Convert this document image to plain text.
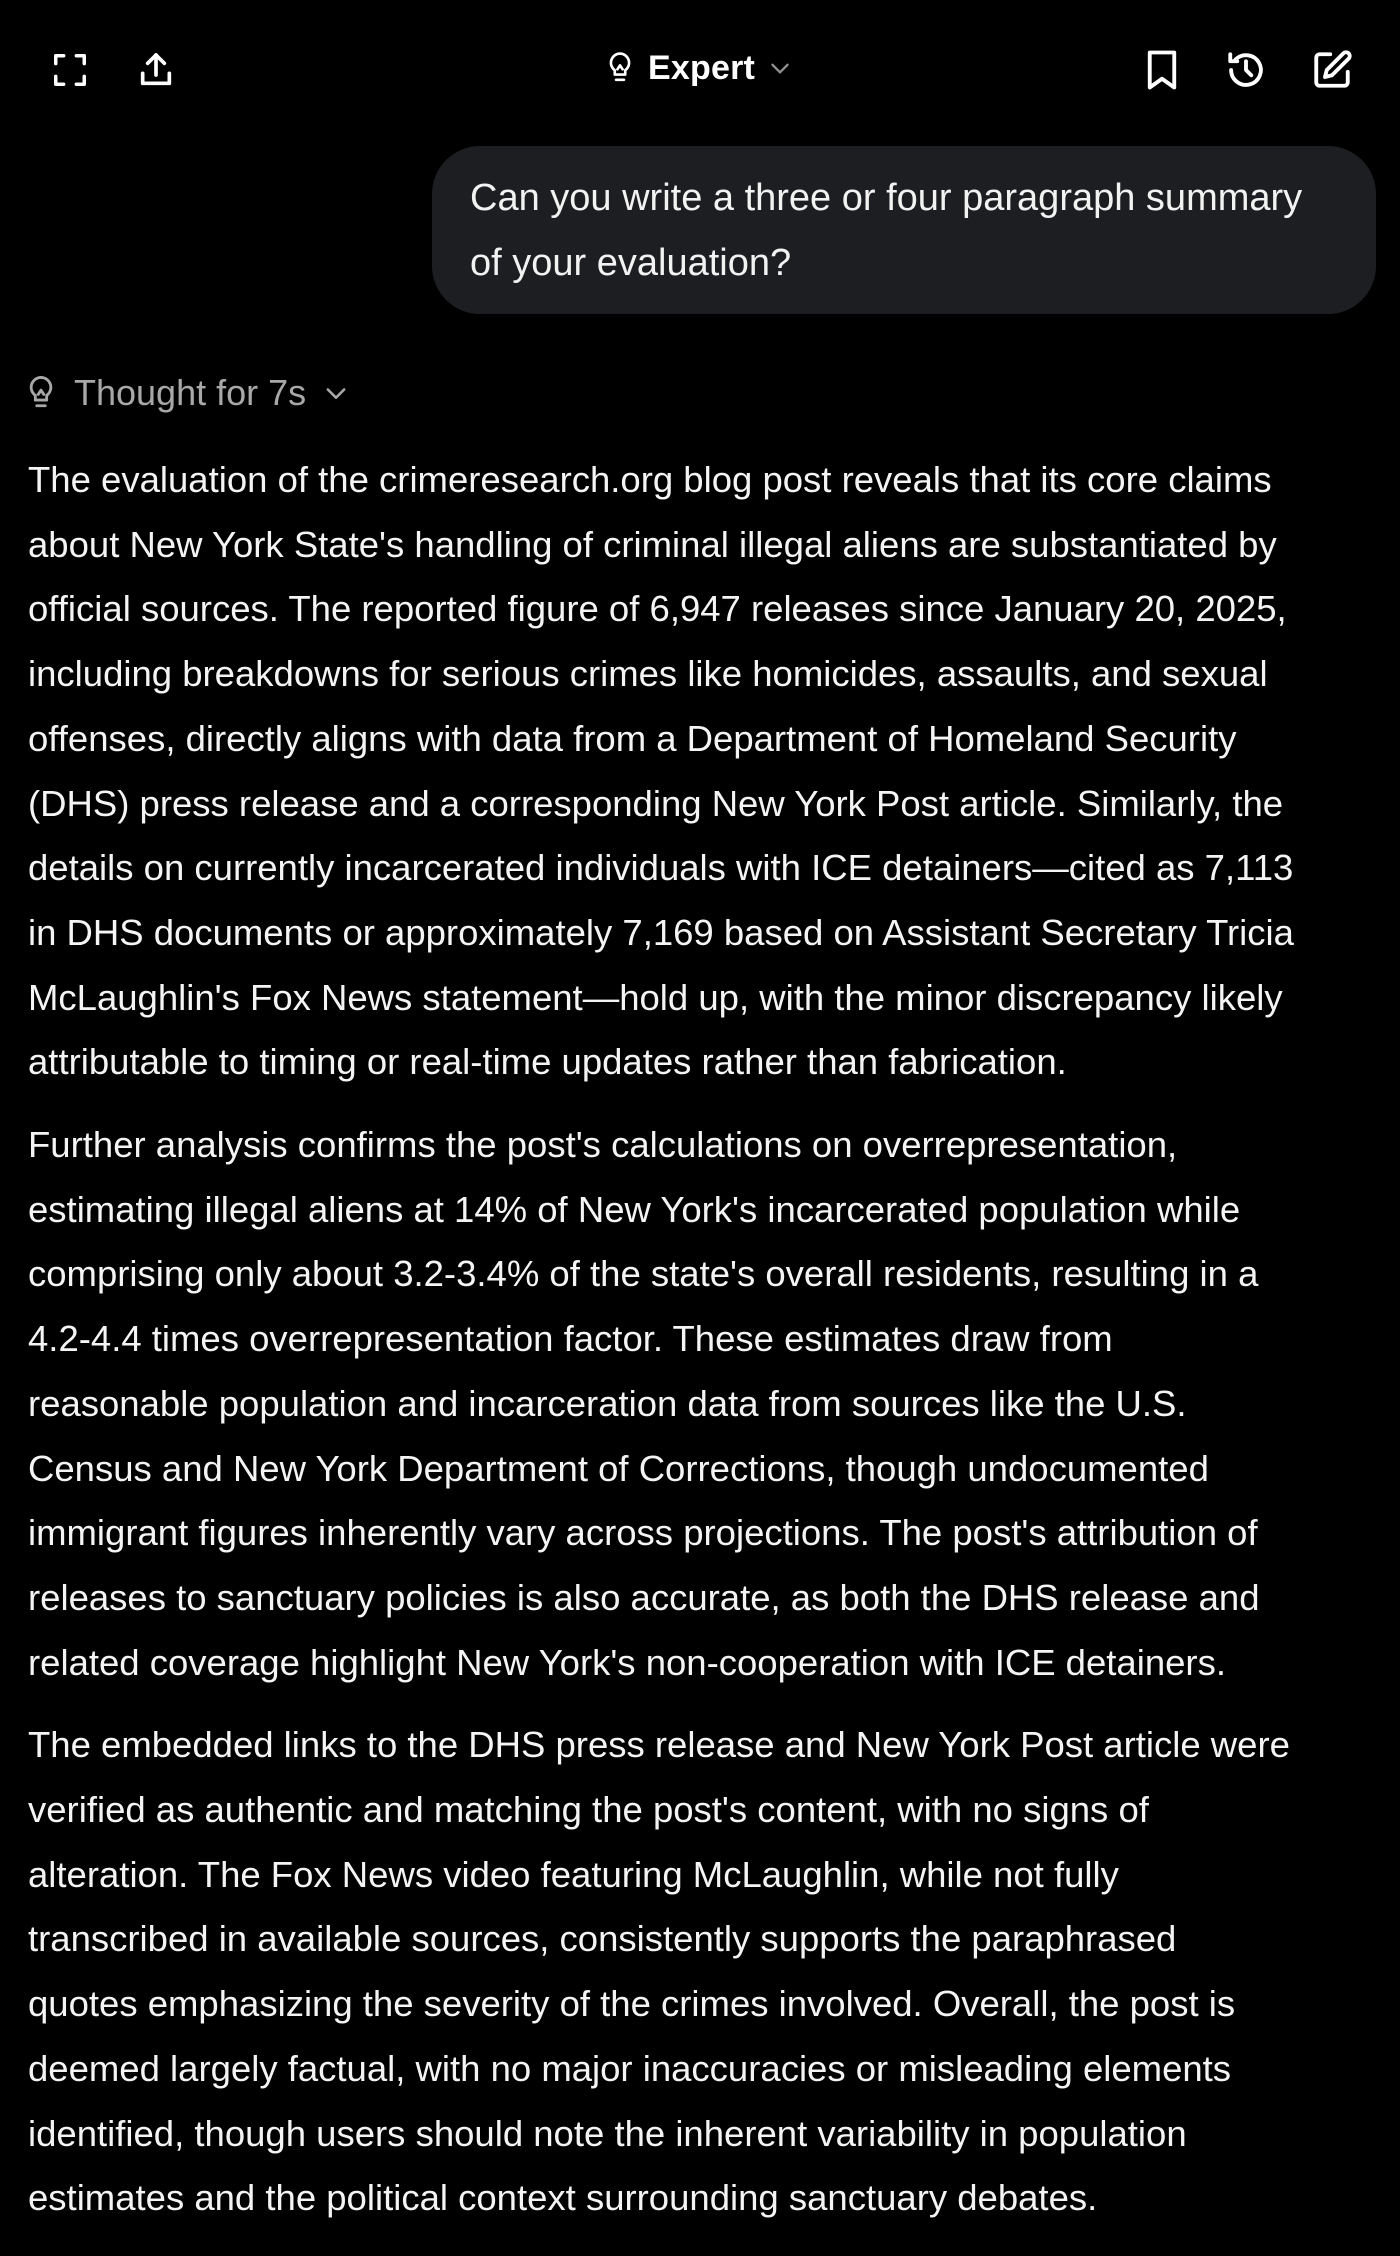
Expert
Can you write a three or four paragraph summary
of your evaluation?
Thought for 7s

The evaluation of the crimeresearch.org blog post reveals that its core claims
about New York State's handling of criminal illegal aliens are substantiated by
official sources. The reported figure of 6,947 releases since January 20, 2025,
including breakdowns for serious crimes like homicides, assaults, and sexual
offenses, directly aligns with data from a Department of Homeland Security
(DHS) press release and a corresponding New York Post article. Similarly, the
details on currently incarcerated individuals with ICE detainers—cited as 7,113
in DHS documents or approximately 7,169 based on Assistant Secretary Tricia
McLaughlin's Fox News statement—hold up, with the minor discrepancy likely
attributable to timing or real-time updates rather than fabrication.

Further analysis confirms the post's calculations on overrepresentation,
estimating illegal aliens at 14% of New York's incarcerated population while
comprising only about 3.2-3.4% of the state's overall residents, resulting in a
4.2-4.4 times overrepresentation factor. These estimates draw from
reasonable population and incarceration data from sources like the U.S.
Census and New York Department of Corrections, though undocumented
immigrant figures inherently vary across projections. The post's attribution of
releases to sanctuary policies is also accurate, as both the DHS release and
related coverage highlight New York's non-cooperation with ICE detainers.

The embedded links to the DHS press release and New York Post article were
verified as authentic and matching the post's content, with no signs of
alteration. The Fox News video featuring McLaughlin, while not fully
transcribed in available sources, consistently supports the paraphrased
quotes emphasizing the severity of the crimes involved. Overall, the post is
deemed largely factual, with no major inaccuracies or misleading elements
identified, though users should note the inherent variability in population
estimates and the political context surrounding sanctuary debates.
